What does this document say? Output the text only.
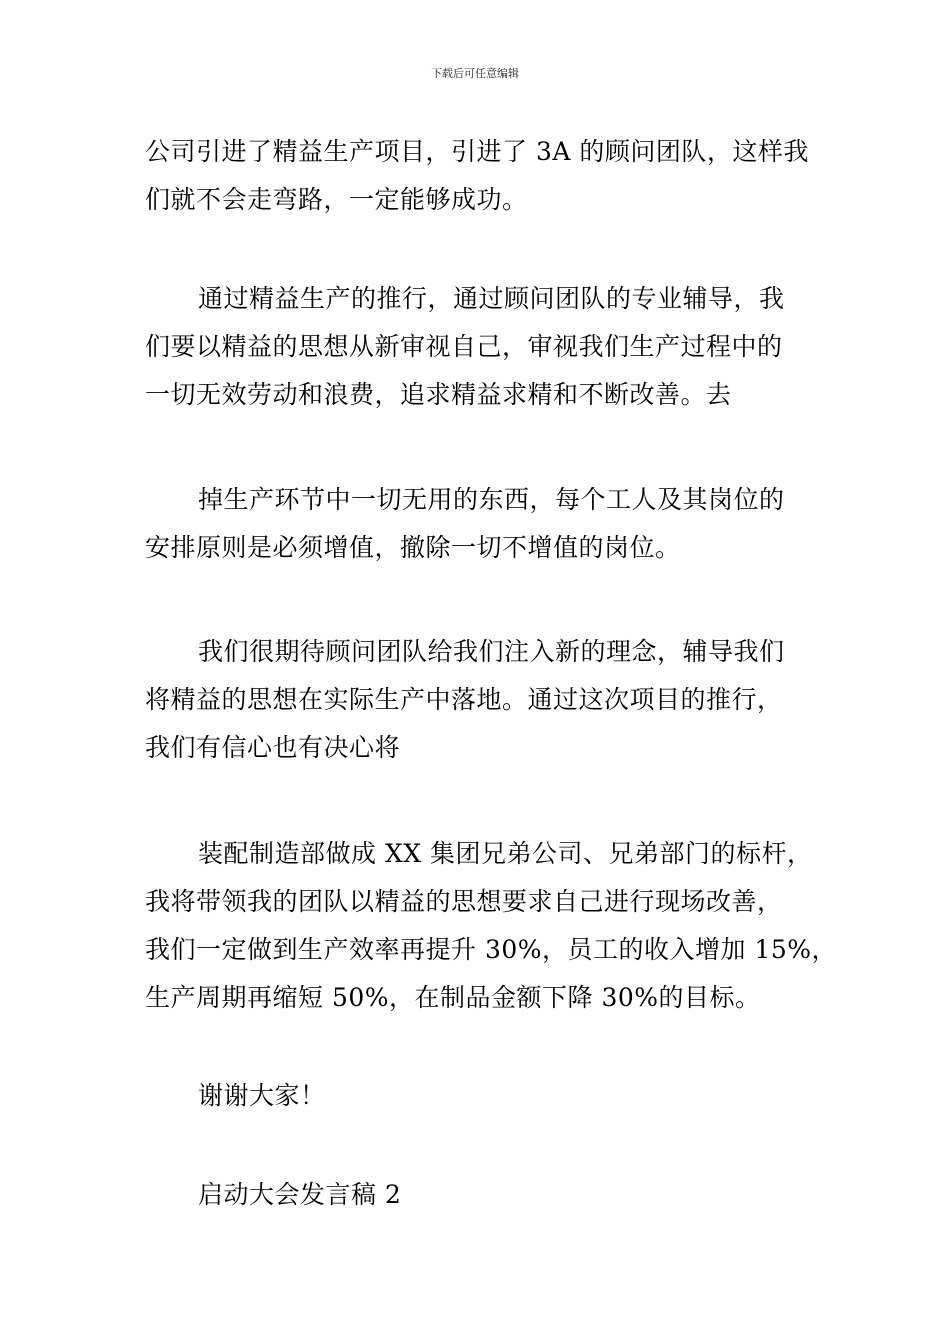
下载后可任意编辑
公司引进了精益生产项目，引进了 3A 的顾问团队，这样我
们就不会走弯路，一定能够成功。
通过精益生产的推行，通过顾问团队的专业辅导，我
们要以精益的思想从新审视自己，审视我们生产过程中的
一切无效劳动和浪费，追求精益求精和不断改善。去
掉生产环节中一切无用的东西，每个工人及其岗位的
安排原则是必须增值，撤除一切不增值的岗位。
我们很期待顾问团队给我们注入新的理念，辅导我们
将精益的思想在实际生产中落地。通过这次项目的推行，
我们有信心也有决心将
装配制造部做成 XX 集团兄弟公司、兄弟部门的标杆，
我将带领我的团队以精益的思想要求自己进行现场改善，
我们一定做到生产效率再提升 30%，员工的收入增加 15%，
生产周期再缩短 50%，在制品金额下降 30%的目标。
谢谢大家！
启动大会发言稿 2
